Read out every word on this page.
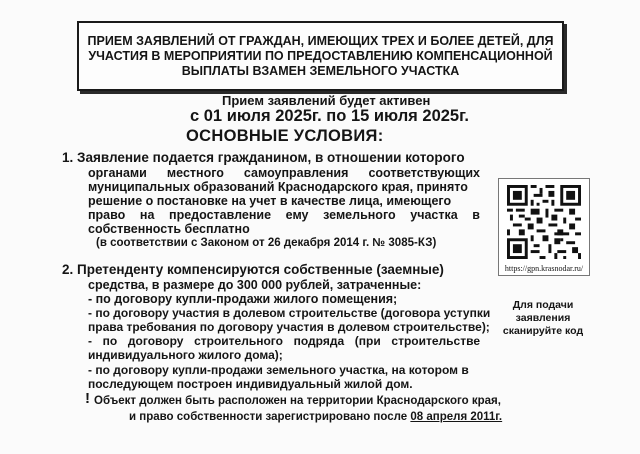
ПРИЕМ ЗАЯВЛЕНИЙ ОТ ГРАЖДАН, ИМЕЮЩИХ ТРЕХ И БОЛЕЕ ДЕТЕЙ, ДЛЯ
УЧАСТИЯ В МЕРОПРИЯТИИ ПО ПРЕДОСТАВЛЕНИЮ КОМПЕНСАЦИОННОЙ
ВЫПЛАТЫ ВЗАМЕН ЗЕМЕЛЬНОГО УЧАСТКА
Прием заявлений будет активен
с 01 июля 2025г. по 15 июля 2025г.
ОСНОВНЫЕ УСЛОВИЯ:
1. Заявление подается гражданином, в отношении которого
органами местного самоуправления соответствующих
муниципальных образований Краснодарского края, принято
решение о постановке на учет в качестве лица, имеющего
право на предоставление ему земельного участка в
собственность бесплатно
(в соответствии с Законом от 26 декабря 2014 г. № 3085-КЗ)
2. Претенденту компенсируются собственные (заемные)
средства, в размере до 300 000 рублей, затраченные:
- по договору купли-продажи жилого помещения;
- по договору участия в долевом строительстве (договора уступки
права требования по договору участия в долевом строительстве);
- по договору строительного подряда (при строительстве
индивидуального жилого дома);
- по договору купли-продажи земельного участка, на котором в
последующем построен индивидуальный жилой дом.
! Объект должен быть расположен на территории Краснодарского края,
и право собственности зарегистрировано после 08 апреля 2011г.
https://gpn.krasnodar.ru/
Для подачи заявления сканируйте код
